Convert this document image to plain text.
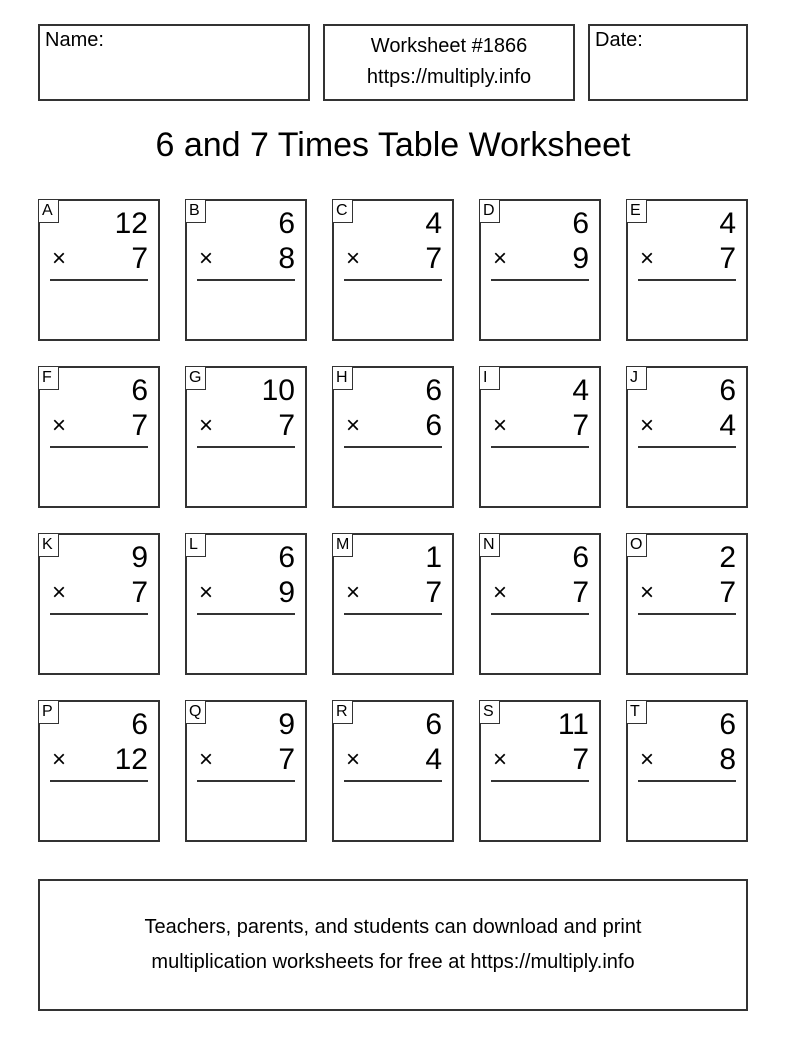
Name:	Worksheet #1866
https://multiply.info
Date:
6 and 7 Times Table Worksheet
A 12
× 7
B	6
× 8
C	4
× 7
D	6
× 9
E	4
× 7
F	6
× 7
G 10
× 7
H	6
× 6
I	4
× 7
J	6
× 4
K	9
× 7
L	6
× 9
M	1
× 7
N	6
× 7
O	2
× 7
P	6
× 12
Q	9
× 7
R	6
× 4
S 11
× 7
T	6
× 8
Teachers, parents, and students can download and print
multiplication worksheets for free at https://multiply.info
